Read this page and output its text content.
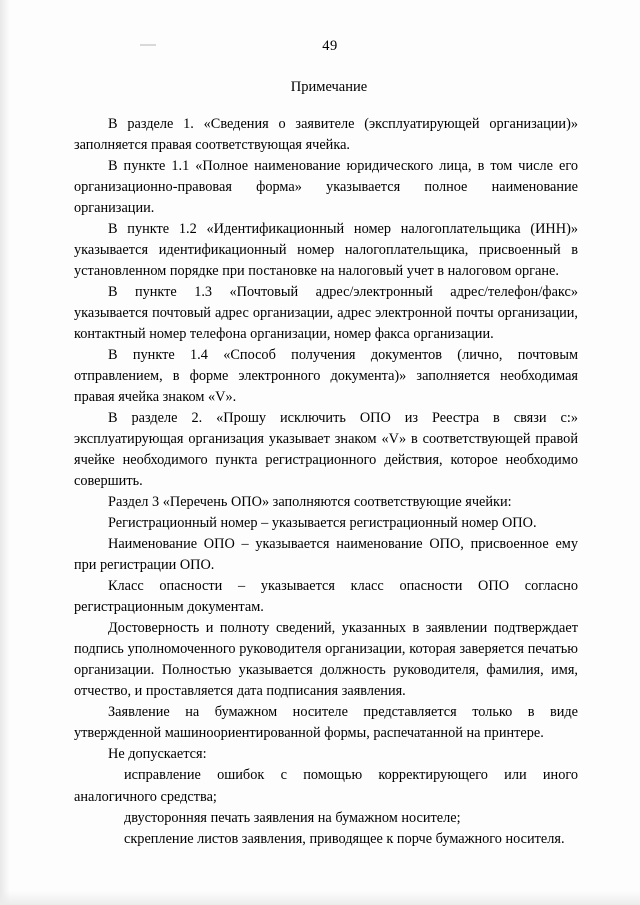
49
Примечание

В разделе 1. «Сведения о заявителе (эксплуатирующей организации)» заполняется правая соответствующая ячейка.

В пункте 1.1 «Полное наименование юридического лица, в том числе его организационно-правовая форма» указывается полное наименование организации.

В пункте 1.2 «Идентификационный номер налогоплательщика (ИНН)» указывается идентификационный номер налогоплательщика, присвоенный в установленном порядке при постановке на налоговый учет в налоговом органе.

В пункте 1.3 «Почтовый адрес/электронный адрес/телефон/факс» указывается почтовый адрес организации, адрес электронной почты организации, контактный номер телефона организации, номер факса организации.

В пункте 1.4 «Способ получения документов (лично, почтовым отправлением, в форме электронного документа)» заполняется необходимая правая ячейка знаком «V».

В разделе 2. «Прошу исключить ОПО из Реестра в связи с:» эксплуатирующая организация указывает знаком «V» в соответствующей правой ячейке необходимого пункта регистрационного действия, которое необходимо совершить.

Раздел 3 «Перечень ОПО» заполняются соответствующие ячейки:

Регистрационный номер – указывается регистрационный номер ОПО.

Наименование ОПО – указывается наименование ОПО, присвоенное ему при регистрации ОПО.

Класс опасности – указывается класс опасности ОПО согласно регистрационным документам.

Достоверность и полноту сведений, указанных в заявлении подтверждает подпись уполномоченного руководителя организации, которая заверяется печатью организации. Полностью указывается должность руководителя, фамилия, имя, отчество, и проставляется дата подписания заявления.

Заявление на бумажном носителе представляется только в виде утвержденной машиноориентированной формы, распечатанной на принтере.

Не допускается:

исправление ошибок с помощью корректирующего или иного аналогичного средства;

двусторонняя печать заявления на бумажном носителе;

скрепление листов заявления, приводящее к порче бумажного носителя.
